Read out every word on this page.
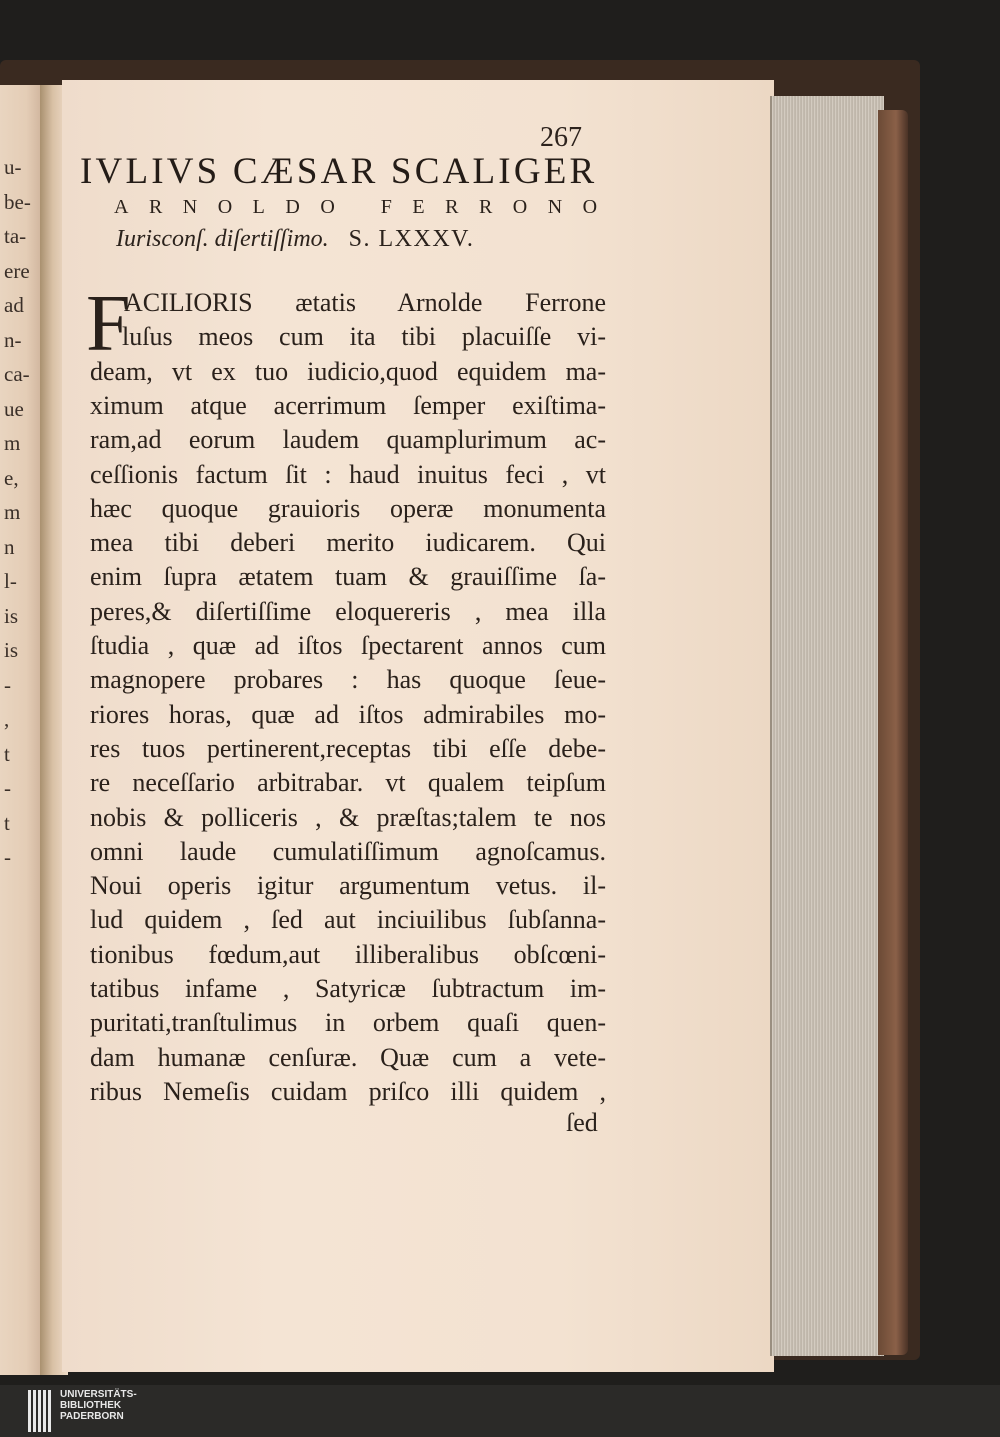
u-
be-
ta-
ere
ad
n-
ca-
ue
m
e,
m
n
l-
is
is
-
,
t
-
t
-
267
IVLIVS CÆSAR SCALIGER
ARNOLDO FERRONO
Iurisconſ. diſertiſſimo. S. LXXXV.
F
ACILIORIS ætatis Arnolde Ferrone
luſus meos cum ita tibi placuiſſe vi-
deam, vt ex tuo iudicio,quod equidem ma-
ximum atque acerrimum ſemper exiſtima-
ram,ad eorum laudem quamplurimum ac-
ceſſionis factum ſit : haud inuitus feci , vt
hæc quoque grauioris operæ monumenta
mea tibi deberi merito iudicarem. Qui
enim ſupra ætatem tuam & grauiſſime ſa-
peres,& diſertiſſime eloquereris , mea illa
ſtudia , quæ ad iſtos ſpectarent annos cum
magnopere probares : has quoque ſeue-
riores horas, quæ ad iſtos admirabiles mo-
res tuos pertinerent,receptas tibi eſſe debe-
re neceſſario arbitrabar. vt qualem teipſum
nobis & polliceris , & præſtas;talem te nos
omni laude cumulatiſſimum agnoſcamus.
Noui operis igitur argumentum vetus. il-
lud quidem , ſed aut inciuilibus ſubſanna-
tionibus fœdum,aut illiberalibus obſcœni-
tatibus infame , Satyricæ ſubtractum im-
puritati,tranſtulimus in orbem quaſi quen-
dam humanæ cenſuræ. Quæ cum a vete-
ribus Nemeſis cuidam priſco illi quidem ,
ſed
UNIVERSITÄTS-
BIBLIOTHEK
PADERBORN
